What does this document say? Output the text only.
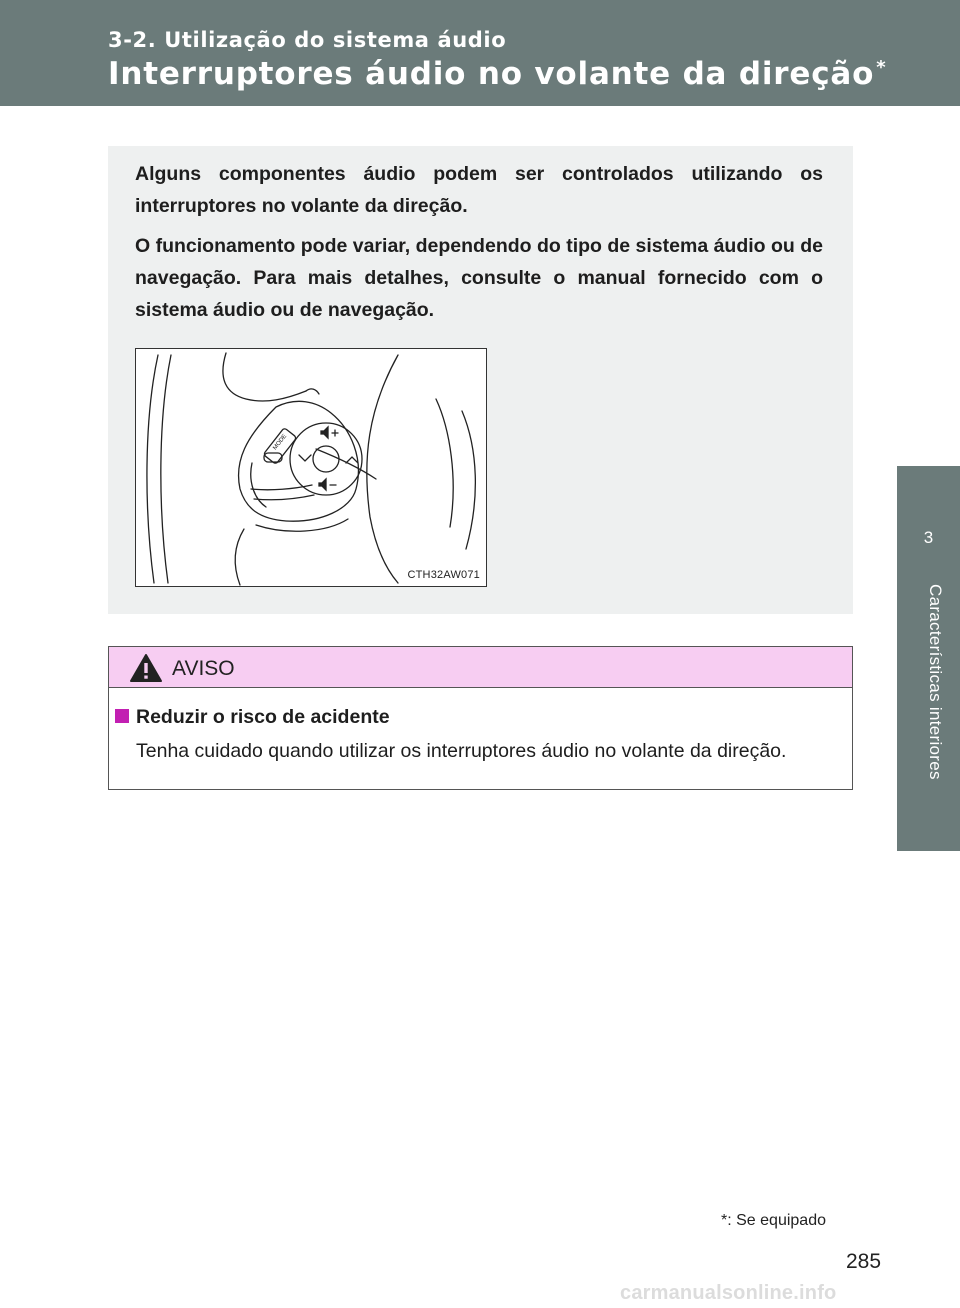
3-2. Utilização do sistema áudio
Interruptores áudio no volante da direção *
3
Características interiores

Alguns componentes áudio podem ser controlados utilizando os interruptores no volante da direção.

O funcionamento pode variar, dependendo do tipo de sistema áudio ou de navegação. Para mais detalhes, consulte o manual fornecido com o sistema áudio ou de navegação.

MODE
CTH32AW071
AVISO
Reduzir o risco de acidente
Tenha cuidado quando utilizar os interruptores áudio no volante da direção.
*: Se equipado
285
carmanualsonline.info
